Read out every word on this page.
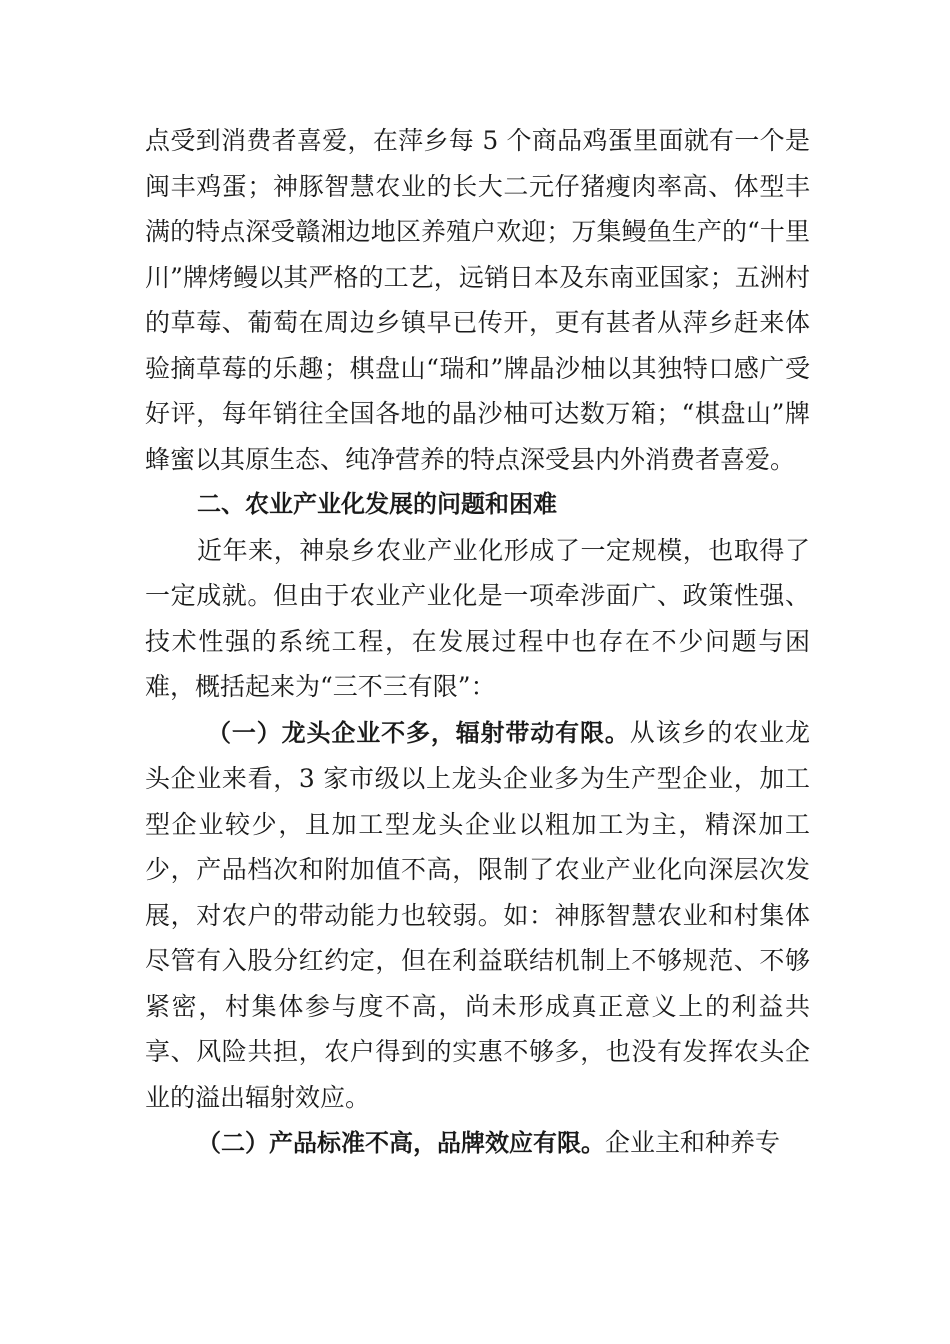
点受到消费者喜爱，在萍乡每 5 个商品鸡蛋里面就有一个是闽丰鸡蛋；神豚智慧农业的长大二元仔猪瘦肉率高、体型丰满的特点深受赣湘边地区养殖户欢迎；万集鳗鱼生产的“十里川”牌烤鳗以其严格的工艺，远销日本及东南亚国家；五洲村的草莓、葡萄在周边乡镇早已传开，更有甚者从萍乡赶来体验摘草莓的乐趣；棋盘山“瑞和”牌晶沙柚以其独特口感广受好评，每年销往全国各地的晶沙柚可达数万箱；“棋盘山”牌蜂蜜以其原生态、纯净营养的特点深受县内外消费者喜爱。

二、农业产业化发展的问题和困难

近年来，神泉乡农业产业化形成了一定规模，也取得了一定成就。但由于农业产业化是一项牵涉面广、政策性强、技术性强的系统工程，在发展过程中也存在不少问题与困难，概括起来为“三不三有限”：

（一）龙头企业不多，辐射带动有限。从该乡的农业龙头企业来看，3 家市级以上龙头企业多为生产型企业，加工型企业较少，且加工型龙头企业以粗加工为主，精深加工少，产品档次和附加值不高，限制了农业产业化向深层次发展，对农户的带动能力也较弱。如：神豚智慧农业和村集体尽管有入股分红约定，但在利益联结机制上不够规范、不够紧密，村集体参与度不高，尚未形成真正意义上的利益共享、风险共担，农户得到的实惠不够多，也没有发挥农头企业的溢出辐射效应。

（二）产品标准不高，品牌效应有限。企业主和种养专
